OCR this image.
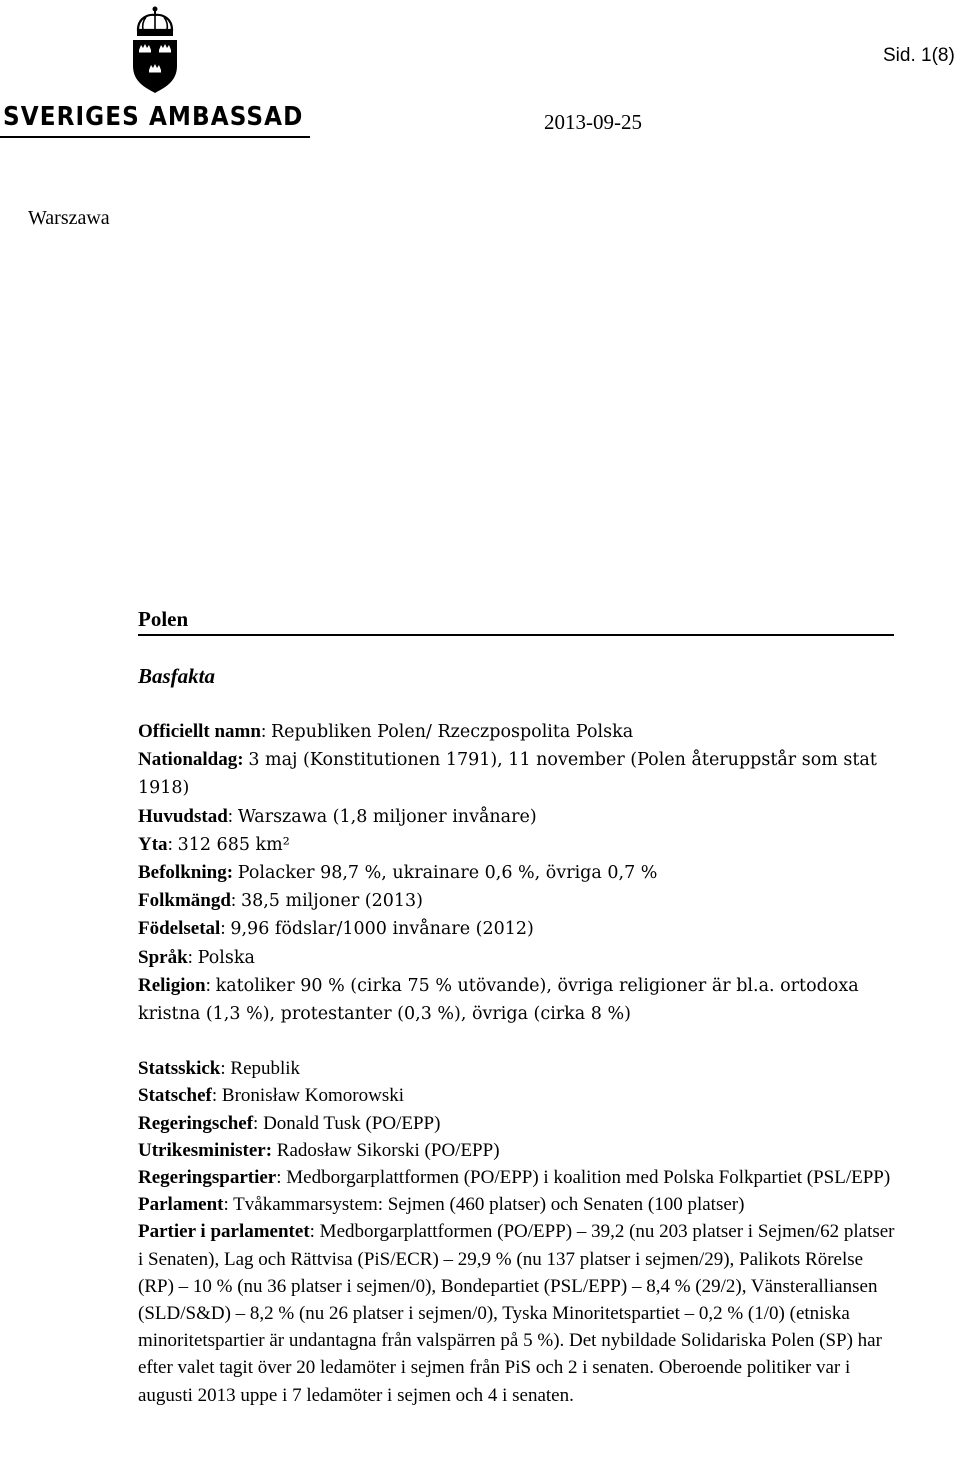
SVERIGES AMBASSAD
Sid. 1(8)
2013-09-25
Warszawa
Polen
Basfakta

Officiellt namn: Republiken Polen/ Rzeczpospolita Polska

Nationaldag: 3 maj (Konstitutionen 1791), 11 november (Polen återuppstår som stat 1918)

Huvudstad: Warszawa (1,8 miljoner invånare)

Yta: 312 685 km²

Befolkning: Polacker 98,7 %, ukrainare 0,6 %, övriga 0,7 %

Folkmängd: 38,5 miljoner (2013)

Födelsetal: 9,96 födslar/1000 invånare (2012)

Språk: Polska

Religion: katoliker 90 % (cirka 75 % utövande), övriga religioner är bl.a. ortodoxa kristna (1,3 %), protestanter (0,3 %), övriga (cirka 8 %)

Statsskick: Republik

Statschef: Bronisław Komorowski

Regeringschef: Donald Tusk (PO/EPP)

Utrikesminister: Radosław Sikorski (PO/EPP)

Regeringspartier: Medborgarplattformen (PO/EPP) i koalition med Polska Folkpartiet (PSL/EPP)

Parlament: Tvåkammarsystem: Sejmen (460 platser) och Senaten (100 platser)

Partier i parlamentet: Medborgarplattformen (PO/EPP) – 39,2 (nu 203 platser i Sejmen/62 platser i Senaten), Lag och Rättvisa (PiS/ECR) – 29,9 % (nu 137 platser i sejmen/29), Palikots Rörelse (RP) – 10 % (nu 36 platser i sejmen/0), Bondepartiet (PSL/EPP) – 8,4 % (29/2), Vänsteralliansen (SLD/S&D) – 8,2 % (nu 26 platser i sejmen/0), Tyska Minoritetspartiet – 0,2 % (1/0) (etniska minoritetspartier är undantagna från valspärren på 5 %). Det nybildade Solidariska Polen (SP) har efter valet tagit över 20 ledamöter i sejmen från PiS och 2 i senaten. Oberoende politiker var i augusti 2013 uppe i 7 ledamöter i sejmen och 4 i senaten.
